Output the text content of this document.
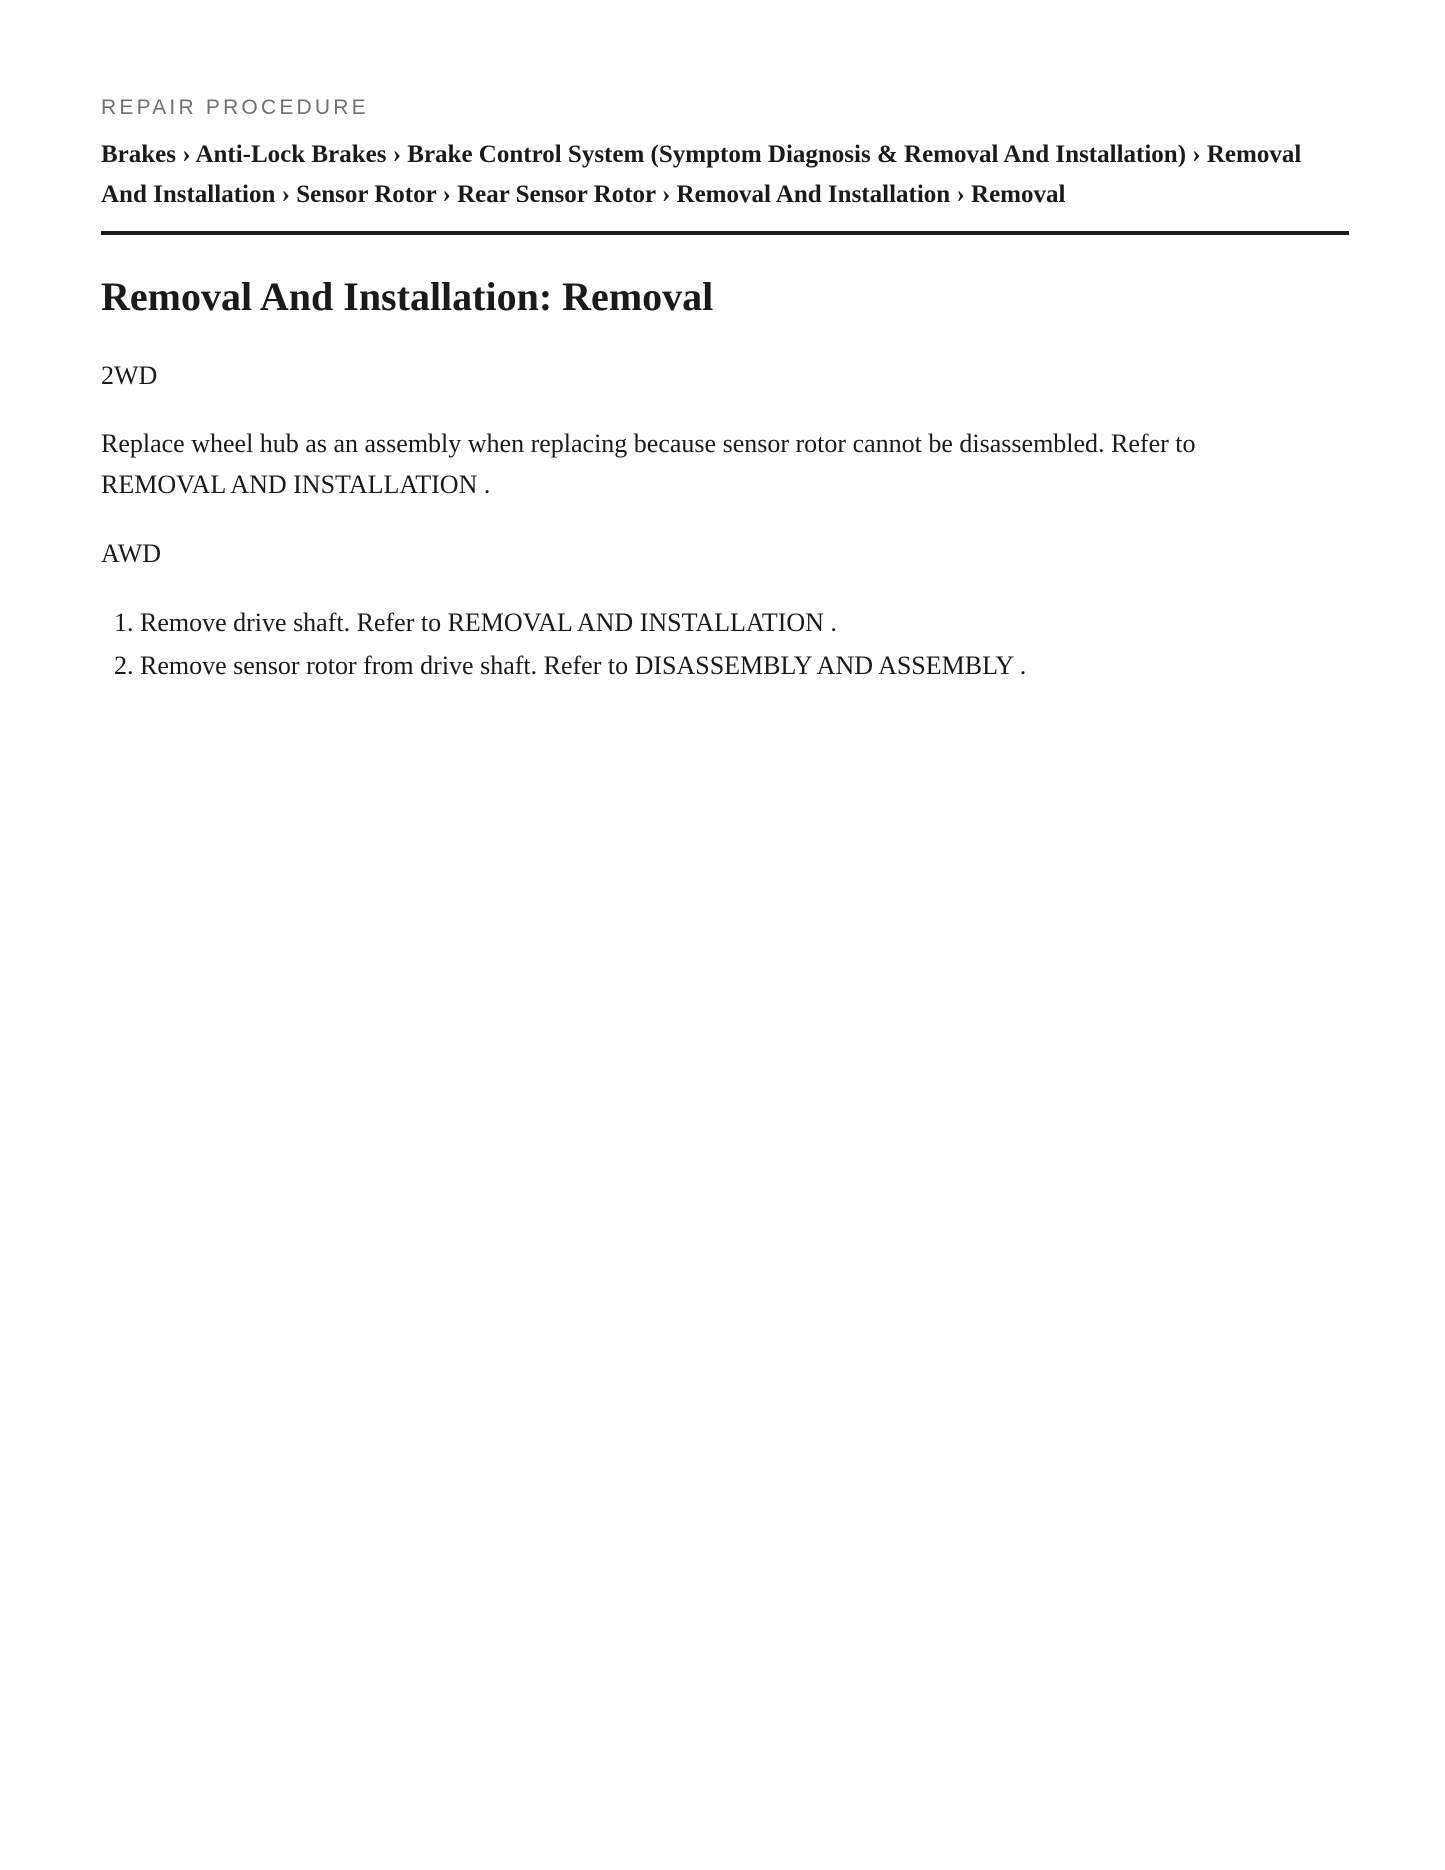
REPAIR PROCEDURE
Brakes › Anti-Lock Brakes › Brake Control System (Symptom Diagnosis & Removal And Installation) › Removal And Installation › Sensor Rotor › Rear Sensor Rotor › Removal And Installation › Removal
Removal And Installation: Removal

2WD

Replace wheel hub as an assembly when replacing because sensor rotor cannot be disassembled. Refer to REMOVAL AND INSTALLATION .

AWD

1. Remove drive shaft. Refer to REMOVAL AND INSTALLATION .
2. Remove sensor rotor from drive shaft. Refer to DISASSEMBLY AND ASSEMBLY .
